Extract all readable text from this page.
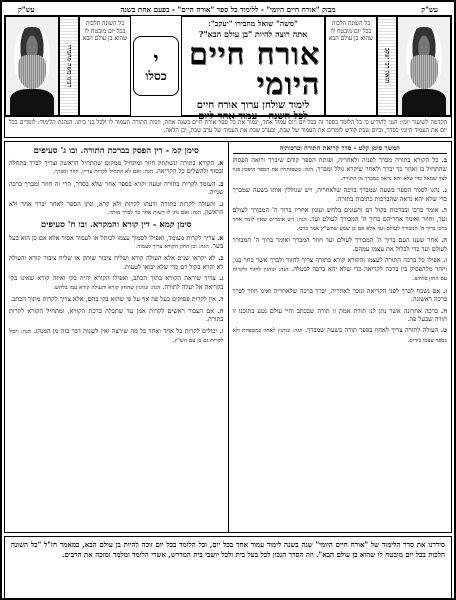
עש"ק
מבזק "אורח חיים היומי" - ללימוד כל ספר "אורח חיים" - בפעם אחת בשנה
עש"ק
הגאון רבי יעקב
כל השונה הלכות בכל יום מובטח לו שהוא בן עולם הבא
"משה" שואל מחבירו "יעקב":
אתה רוצה להיות "בן עולם הבא"?
אורח חיים היומי
לימוד שולחן ערוך אורח חיים
לכל השנה - עמוד אחד ליום
י
כסלו
כל השונה הלכות בכל יום מובטח לו שהוא בן עולם הבא
רבינו משה מחבירו
הקדמה לשיעור יומי: הנני להודיע כי כל הלומד בספר זה בכל יום ויום עמוד אחד, יגמור את כל ספר אורח חיים בשנה אחת, וזכות התורה תעמוד לו ולכל בני ביתו. הנהגת הלימוד: לומדים בכל יום את העמוד היומי כסדר, וביום שבת קודש לומדים את העמוד של שבת, ובערב שבת את העמוד של ערב שבת, וכן הלאה.
המשך סימן קלט - סדר קריאת התורה וברכותיה
ב. כל הקורא בתורה מברך לפניה ולאחריה, ופותח הספר קודם שיברך ורואה הפסוק שהתחיל בו ואחר כך יברך ולאחר שיקרא גולל ומברך. הגה: כשפותחין את הספר הופכין פניו לצד שמאל כדי שלא יהא נראה כמברך מן התורה.
ג. נהגו לסגור הספר בשעה שמברך ברכה שלאחריה, ויש שגוללין אותו בשעה שמברך כדי שלא יהא נראה שהברכות כתובות בתורה.
ד. אומר ברכו ובברכות בקול רם והעונים בלחש ועונין אחריו ברוך ה' המבורך לעולם ועד, וחוזר ואומר אחריהם ברוך ה' המבורך לעולם ועד. הגה: ויש אומרים שאין לומר אחר ברכו ברוך ה' המבורך לעולם ועד אלא אם כן שמע שהש"ץ אמר ברכו.
ה. אחר שענו העם ברוך ה' המבורך לעולם ועד חוזר המברך ואומר ברוך ה' המבורך לעולם ועד כדי לכלול את עצמו עמהם.
ו. אפילו כל ברכה התורה לעצמו והקורא קורא בתורה צריך לחזור ולברך אשר בחר בנו, ויזהר מלהפסיק בין ברכה לקריאה כדי שלא יהא ברכה לבטלה. הגה: ונוהגין לחזור ולקרות עם החזן בלחש.
ז. אם נשכח לברך לפני הקריאה ונזכר לאחריה, יברך ברכה שלאחריה ואינו חוזר לברך ברכה ראשונה.
ח. ברכה אחרונה אשר נתן לנו תורת אמת זו תורה שבכתב וחיי עולם נטע בתוכנו זו תורה שבעל פה.
ט. העולה לתורה צריך לאחוז בספר תורה בשעה שמברך. הגה: ונוהגין לאחוז במטפחת ולא בספר עצמו בידים.
סימן קמ - דין הפסק בברכת התורה. ובו ג' סעיפים
א. הקורא בתורה ונשתתק חוזר ומתחיל ממקום שהתחיל הראשון וצריך לברך בתחלה ובסוף ולהשלים כל הקריאה. הגה: ואם לא התחיל לקרות עדיין, חוזר ומברך.
ב. העומד לקרות בתורה וטעה וקרא בספר אחר שלא בסדר, הרי זה חוזר ומברך ברכה שנייה.
ג. והעולה לקרות בתורה ודעתו לקרות ולא קרא, ונתן הספר לאחר יברך אחר ולא הראשון. הגה: ואם נתן לו רשות אחר כך לברך מותר.
סימן קמא - דין קורא והמקרא. ובו ח' סעיפים
א. צריך לקרות מעומד, ואפילו לסמוך עצמו לכותל או לעמוד אסור אלא אם כן הוא בעל בשר. הגה: וכן החזן הקורא צריך לעמוד.
ב. לא יקראו שנים אלא העולה קורא ושליח ציבור שותק או שליח ציבור קורא והעולה לא יקרא בקול רם כדי שלא יבואו לטעות.
ג. צריך שיראה הקורא בתוך הכתב, ואפילו הקורא יהיה בקי ואיזה קורא שאינו בקי בקריאה אל יעלה לתורה. הגה: ונוהגין שהחזן קורא והעולה קורא עמו בלחש.
ד. אין לקרות פסוקים בעל פה אף על פי שהוא בקי בהם, אלא צריך לקרות מתוך הכתב.
ה. אם הצבור ראשים לקרות אמן עד שתכלה ברכת הקורא, ומתחיל הקורא לקרות בתורה.
ו. יכולים לקרות כל אחד ואחד כל מה שירצה ואין לשנות דבר בזה מן המנהג. הגה: ויכול לקרות גם כן עם הש"ץ.
סידרנו את סדר הלימוד של "אורח חיים היומי" שנה בשנה לימוד עמוד אחד בכל יום, וכל הלומד בכל יום זוכה להיות בן עולם הבא, כמאמר חז"ל "כל השונה הלכות בכל יום מובטח לו שהוא בן עולם הבא". וזה הסדר הנכון לכל בעל בית ולכל יושבי בית המדרש, אשרי הלומד ומלמד ומזכה את הרבים.
